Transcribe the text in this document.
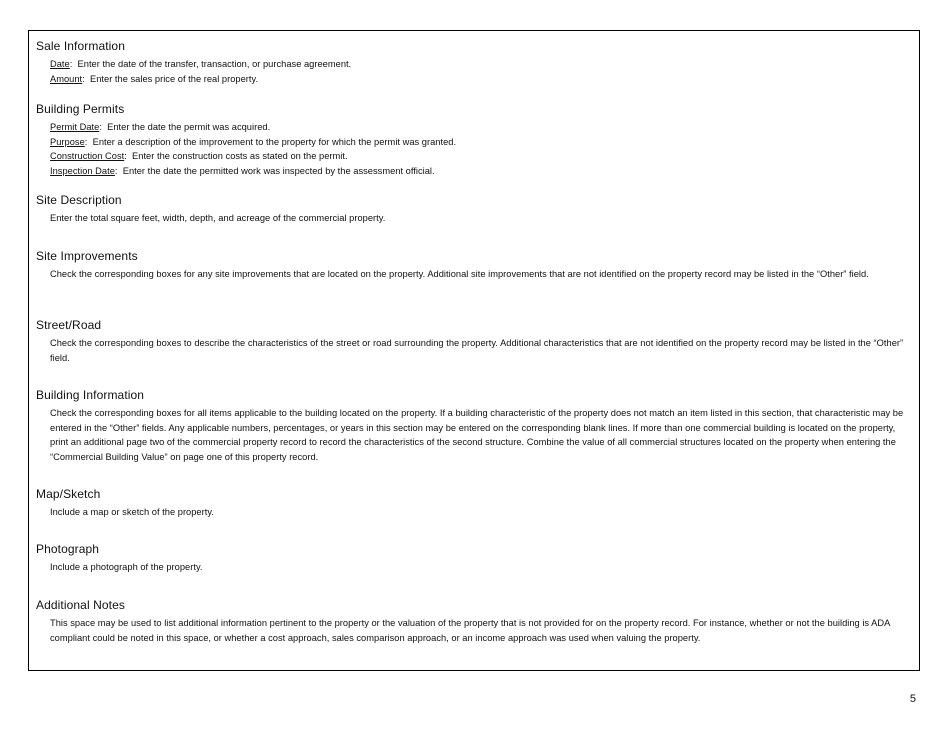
Sale Information
Date:  Enter the date of the transfer, transaction, or purchase agreement.
Amount:  Enter the sales price of the real property.
Building Permits
Permit Date:  Enter the date the permit was acquired.
Purpose:  Enter a description of the improvement to the property for which the permit was granted.
Construction Cost:  Enter the construction costs as stated on the permit.
Inspection Date:  Enter the date the permitted work was inspected by the assessment official.
Site Description
Enter the total square feet, width, depth, and acreage of the commercial property.
Site Improvements
Check the corresponding boxes for any site improvements that are located on the property. Additional site improvements that are not identified on the property record may be listed in the “Other” field.
Street/Road
Check the corresponding boxes to describe the characteristics of the street or road surrounding the property. Additional characteristics that are not identified on the property record may be listed in the “Other” field.
Building Information
Check the corresponding boxes for all items applicable to the building located on the property. If a building characteristic of the property does not match an item listed in this section, that characteristic may be entered in the “Other” fields. Any applicable numbers, percentages, or years in this section may be entered on the corresponding blank lines. If more than one commercial building is located on the property, print an additional page two of the commercial property record to record the characteristics of the second structure. Combine the value of all commercial structures located on the property when entering the “Commercial Building Value” on page one of this property record.
Map/Sketch
Include a map or sketch of the property.
Photograph
Include a photograph of the property.
Additional Notes
This space may be used to list additional information pertinent to the property or the valuation of the property that is not provided for on the property record. For instance, whether or not the building is ADA compliant could be noted in this space, or whether a cost approach, sales comparison approach, or an income approach was used when valuing the property.
5
